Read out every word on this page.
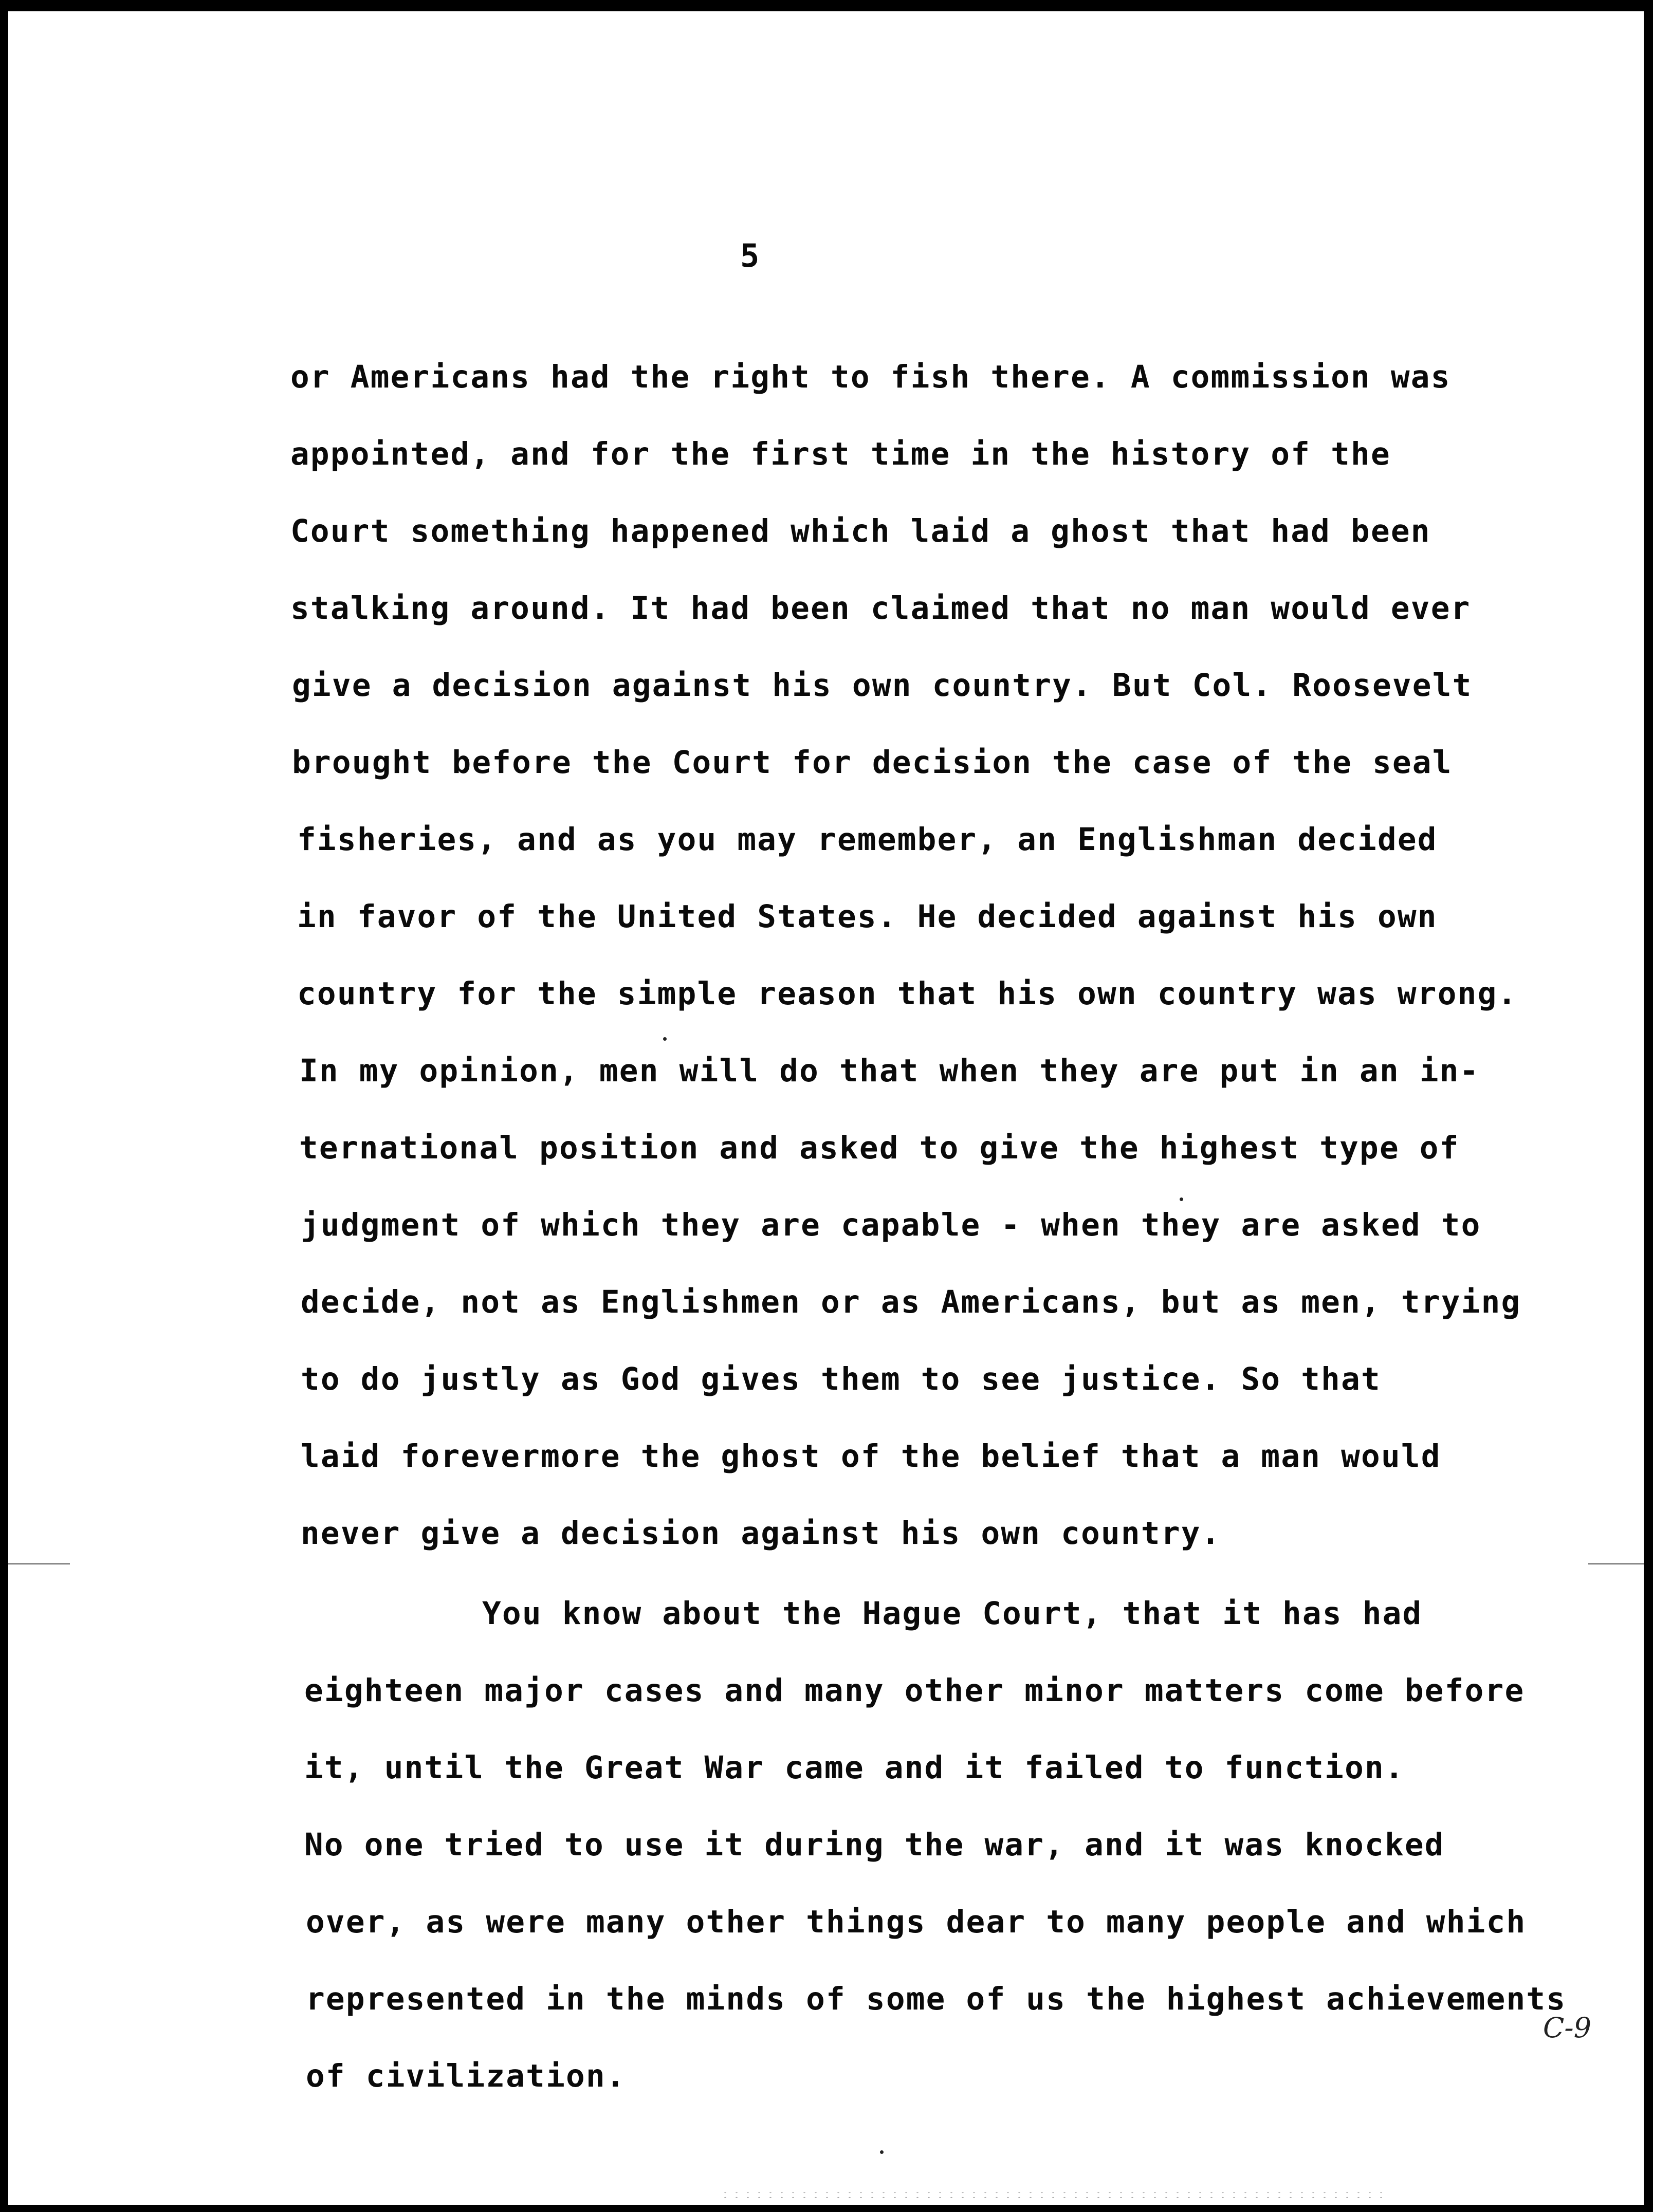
5
or Americans had the right to fish there. A commission was
appointed, and for the first time in the history of the
Court something happened which laid a ghost that had been
stalking around. It had been claimed that no man would ever
give a decision against his own country. But Col. Roosevelt
brought before the Court for decision the case of the seal
fisheries, and as you may remember, an Englishman decided
in favor of the United States. He decided against his own
country for the simple reason that his own country was wrong.
In my opinion, men will do that when they are put in an in-
ternational position and asked to give the highest type of
judgment of which they are capable - when they are asked to
decide, not as Englishmen or as Americans, but as men, trying
to do justly as God gives them to see justice. So that
laid forevermore the ghost of the belief that a man would
never give a decision against his own country.
You know about the Hague Court, that it has had
eighteen major cases and many other minor matters come before
it, until the Great War came and it failed to function.
No one tried to use it during the war, and it was knocked
over, as were many other things dear to many people and which
represented in the minds of some of us the highest achievements
of civilization.
C-9
